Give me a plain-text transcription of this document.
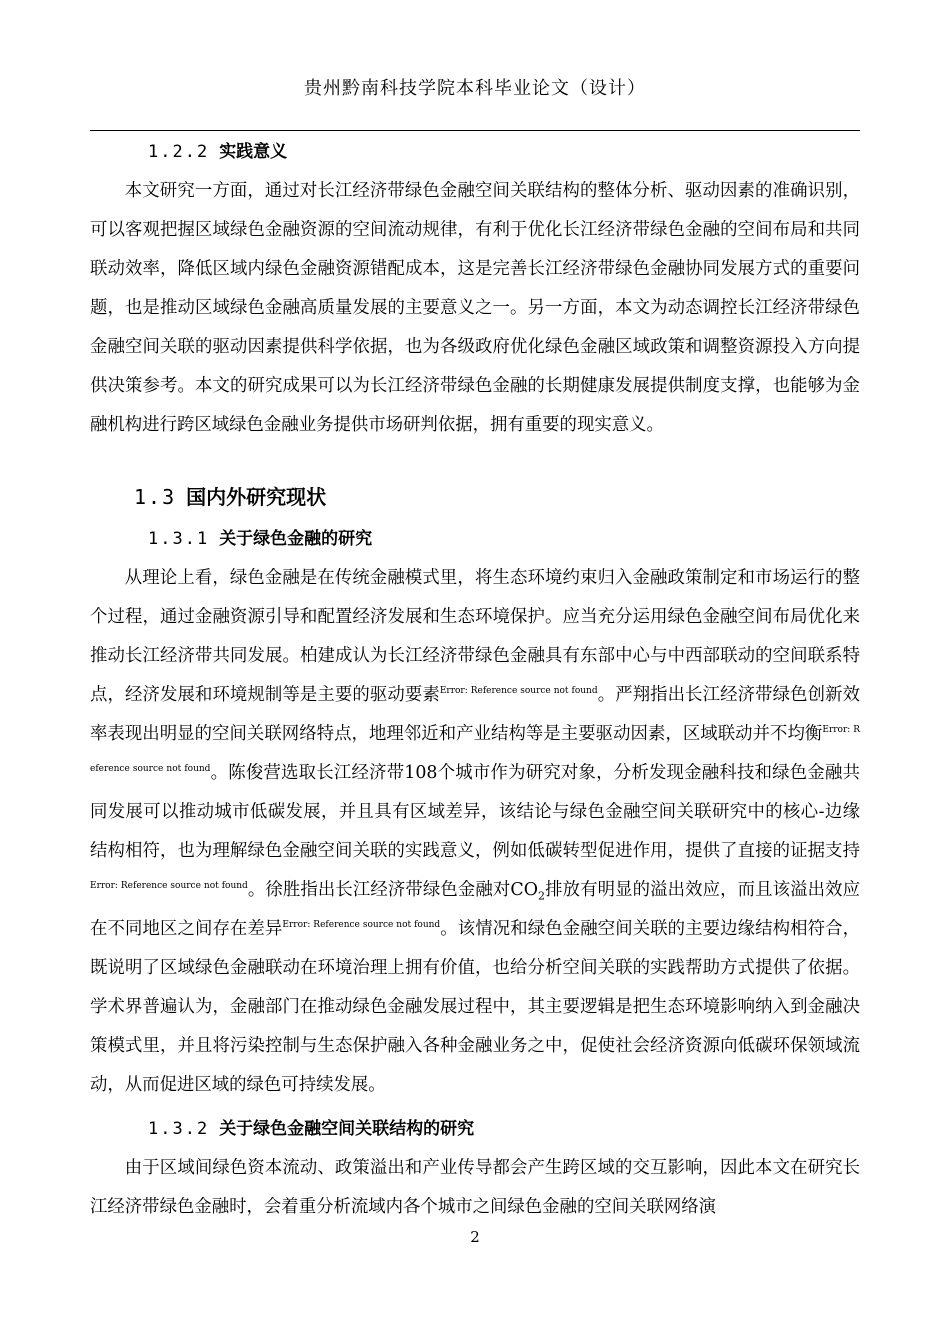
贵州黔南科技学院本科毕业论文（设计）
1.2.2 实践意义

本文研究一方面，通过对长江经济带绿色金融空间关联结构的整体分析、驱动因素的准确识别，可以客观把握区域绿色金融资源的空间流动规律，有利于优化长江经济带绿色金融的空间布局和共同联动效率，降低区域内绿色金融资源错配成本，这是完善长江经济带绿色金融协同发展方式的重要问题，也是推动区域绿色金融高质量发展的主要意义之一。另一方面，本文为动态调控长江经济带绿色金融空间关联的驱动因素提供科学依据，也为各级政府优化绿色金融区域政策和调整资源投入方向提供决策参考。本文的研究成果可以为长江经济带绿色金融的长期健康发展提供制度支撑，也能够为金融机构进行跨区域绿色金融业务提供市场研判依据，拥有重要的现实意义。

1.3 国内外研究现状
1.3.1 关于绿色金融的研究

从理论上看，绿色金融是在传统金融模式里，将生态环境约束归入金融政策制定和市场运行的整个过程，通过金融资源引导和配置经济发展和生态环境保护。应当充分运用绿色金融空间布局优化来推动长江经济带共同发展。柏建成认为长江经济带绿色金融具有东部中心与中西部联动的空间联系特点，经济发展和环境规制等是主要的驱动要素$^{Error: Reference source not found}$。严翔指出长江经济带绿色创新效率表现出明显的空间关联网络特点，地理邻近和产业结构等是主要驱动因素，区域联动并不均衡$^{Error: Reference source not found}$。陈俊营选取长江经济带108个城市作为研究对象，分析发现金融科技和绿色金融共同发展可以推动城市低碳发展，并且具有区域差异，该结论与绿色金融空间关联研究中的核心-边缘结构相符，也为理解绿色金融空间关联的实践意义，例如低碳转型促进作用，提供了直接的证据支持$^{Error: Reference source not found}$。徐胜指出长江经济带绿色金融对$CO_2$排放有明显的溢出效应，而且该溢出效应在不同地区之间存在差异$^{Error: Reference source not found}$。该情况和绿色金融空间关联的主要边缘结构相符合，既说明了区域绿色金融联动在环境治理上拥有价值，也给分析空间关联的实践帮助方式提供了依据。学术界普遍认为，金融部门在推动绿色金融发展过程中，其主要逻辑是把生态环境影响纳入到金融决策模式里，并且将污染控制与生态保护融入各种金融业务之中，促使社会经济资源向低碳环保领域流动，从而促进区域的绿色可持续发展。

1.3.2 关于绿色金融空间关联结构的研究

由于区域间绿色资本流动、政策溢出和产业传导都会产生跨区域的交互影响，因此本文在研究长江经济带绿色金融时，会着重分析流域内各个城市之间绿色金融的空间关联网络演

2
